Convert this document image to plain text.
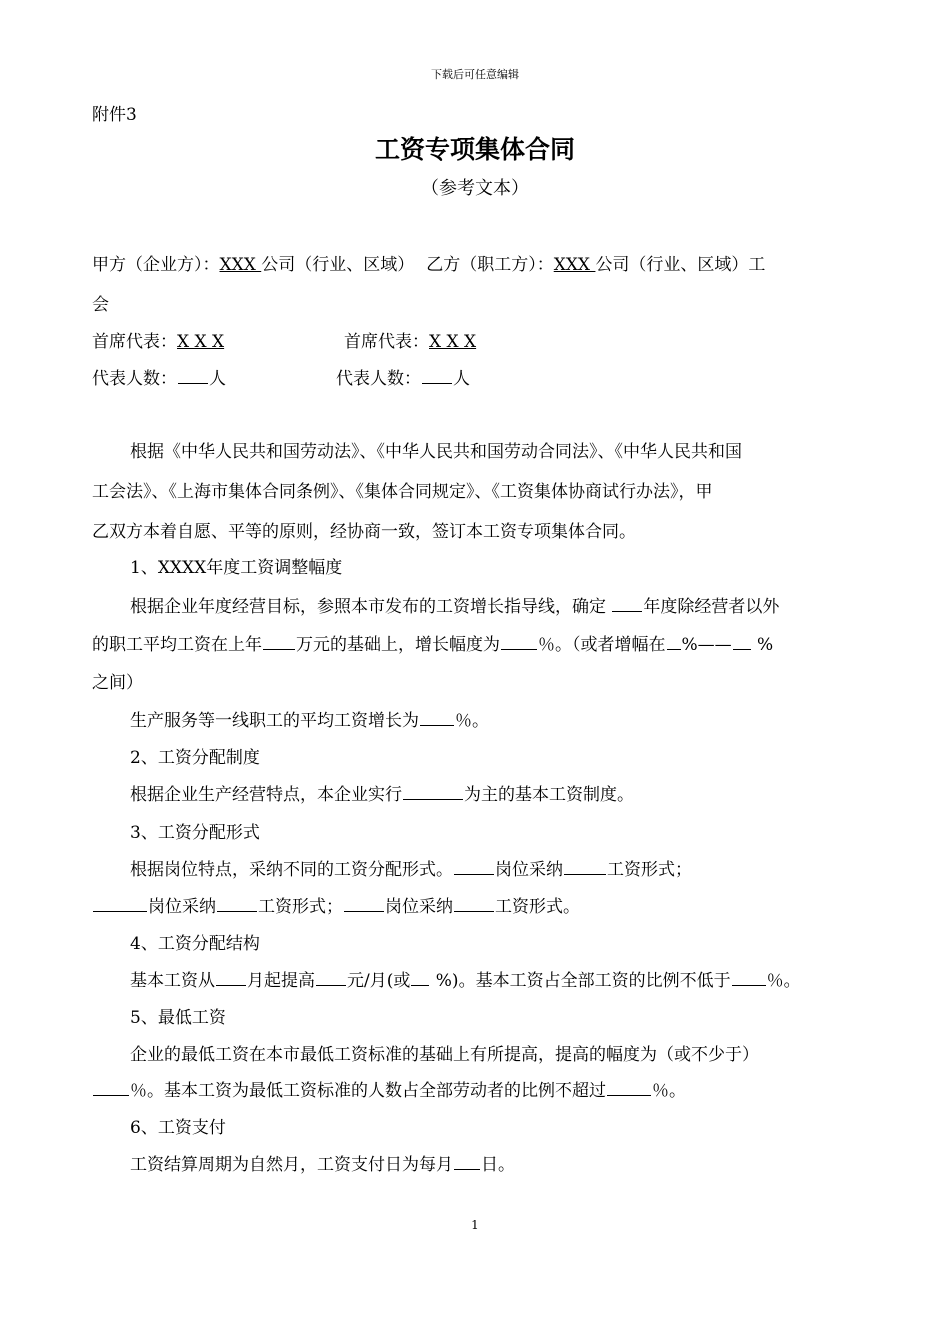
下载后可任意编辑
附件3
工资专项集体合同
（参考文本）
甲方（企业方）：XXX 公司（行业、区域） 乙方（职工方）：XXX 公司（行业、区域）工
会
首席代表：X X X	首席代表：X X X
代表人数： 人	代表人数： 人
根据《中华人民共和国劳动法》、《中华人民共和国劳动合同法》、《中华人民共和国
工会法》、《上海市集体合同条例》、《集体合同规定》、《工资集体协商试行办法》，甲
乙双方本着自愿、平等的原则，经协商一致，签订本工资专项集体合同。
1、XXXX年度工资调整幅度
根据企业年度经营目标，参照本市发布的工资增长指导线，确定 年度除经营者以外
的职工平均工资在上年 万元的基础上，增长幅度为 ％。（或者增幅在 %—— %
之间）
生产服务等一线职工的平均工资增长为 ％。
2、工资分配制度
根据企业生产经营特点，本企业实行	为主的基本工资制度。
3、工资分配形式
根据岗位特点，采纳不同的工资分配形式。 岗位采纳	工资形式；
岗位采纳 工资形式； 岗位采纳 工资形式。
4、工资分配结构
基本工资从 月起提高 元/月(或 %)。基本工资占全部工资的比例不低于 ％。
5、最低工资
企业的最低工资在本市最低工资标准的基础上有所提高，提高的幅度为（或不少于）
％。基本工资为最低工资标准的人数占全部劳动者的比例不超过	％。
6、工资支付
工资结算周期为自然月，工资支付日为每月 日。
1
